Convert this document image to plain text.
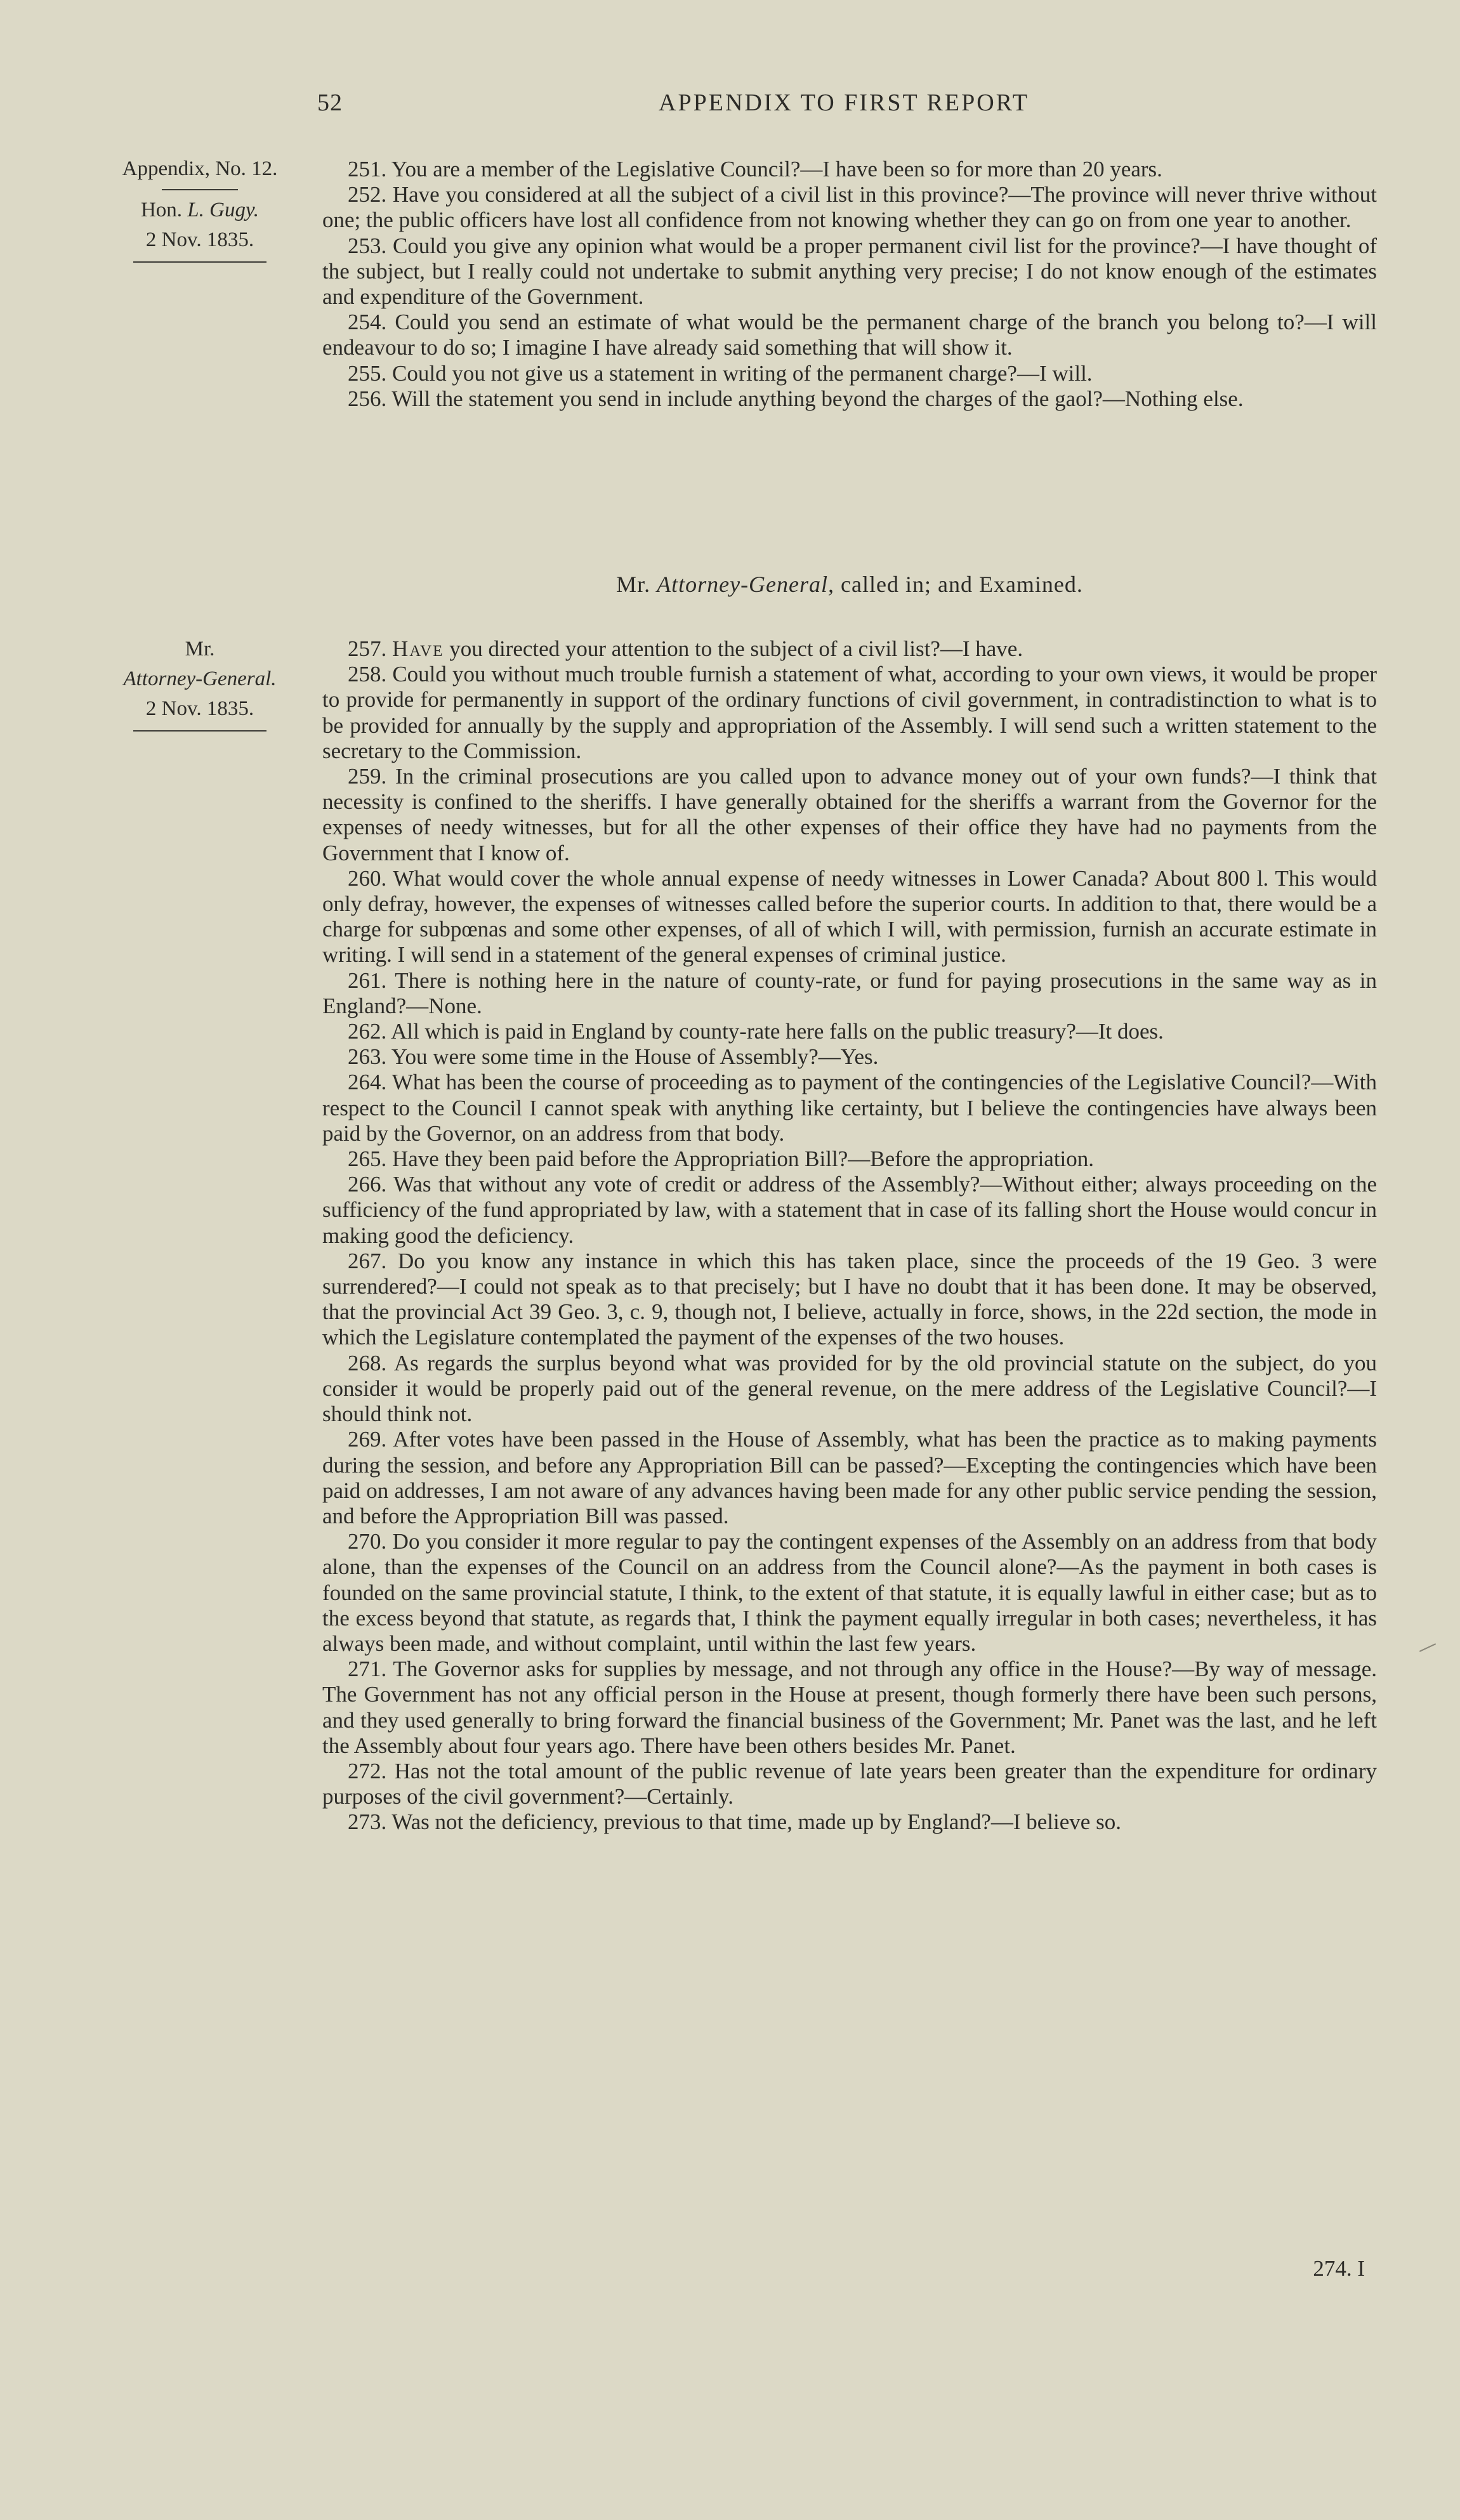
52	APPENDIX TO FIRST REPORT
Appendix, No. 12.
Hon. L. Gugy.
2 Nov. 1835.

251. You are a member of the Legislative Council?—I have been so for more than 20 years.

252. Have you considered at all the subject of a civil list in this province?—The province will never thrive without one; the public officers have lost all confidence from not knowing whether they can go on from one year to another.

253. Could you give any opinion what would be a proper permanent civil list for the province?—I have thought of the subject, but I really could not undertake to submit anything very precise; I do not know enough of the estimates and expenditure of the Government.

254. Could you send an estimate of what would be the permanent charge of the branch you belong to?—I will endeavour to do so; I imagine I have already said something that will show it.

255. Could you not give us a statement in writing of the permanent charge?—I will.

256. Will the statement you send in include anything beyond the charges of the gaol?—Nothing else.

Mr. Attorney-General, called in; and Examined.
Mr.
Attorney-General.
2 Nov. 1835.

257. Have you directed your attention to the subject of a civil list?—I have.

258. Could you without much trouble furnish a statement of what, according to your own views, it would be proper to provide for permanently in support of the ordinary functions of civil government, in contradistinction to what is to be provided for annually by the supply and appropriation of the Assembly. I will send such a written statement to the secretary to the Commission.

259. In the criminal prosecutions are you called upon to advance money out of your own funds?—I think that necessity is confined to the sheriffs. I have generally obtained for the sheriffs a warrant from the Governor for the expenses of needy witnesses, but for all the other expenses of their office they have had no payments from the Government that I know of.

260. What would cover the whole annual expense of needy witnesses in Lower Canada? About 800 l. This would only defray, however, the expenses of witnesses called before the superior courts. In addition to that, there would be a charge for subpœnas and some other expenses, of all of which I will, with permission, furnish an accurate estimate in writing. I will send in a statement of the general expenses of criminal justice.

261. There is nothing here in the nature of county-rate, or fund for paying prosecutions in the same way as in England?—None.

262. All which is paid in England by county-rate here falls on the public treasury?—It does.

263. You were some time in the House of Assembly?—Yes.

264. What has been the course of proceeding as to payment of the contingencies of the Legislative Council?—With respect to the Council I cannot speak with anything like certainty, but I believe the contingencies have always been paid by the Governor, on an address from that body.

265. Have they been paid before the Appropriation Bill?—Before the appropriation.

266. Was that without any vote of credit or address of the Assembly?—Without either; always proceeding on the sufficiency of the fund appropriated by law, with a statement that in case of its falling short the House would concur in making good the deficiency.

267. Do you know any instance in which this has taken place, since the proceeds of the 19 Geo. 3 were surrendered?—I could not speak as to that precisely; but I have no doubt that it has been done. It may be observed, that the provincial Act 39 Geo. 3, c. 9, though not, I believe, actually in force, shows, in the 22d section, the mode in which the Legislature contemplated the payment of the expenses of the two houses.

268. As regards the surplus beyond what was provided for by the old provincial statute on the subject, do you consider it would be properly paid out of the general revenue, on the mere address of the Legislative Council?—I should think not.

269. After votes have been passed in the House of Assembly, what has been the practice as to making payments during the session, and before any Appropriation Bill can be passed?—Excepting the contingencies which have been paid on addresses, I am not aware of any advances having been made for any other public service pending the session, and before the Appropriation Bill was passed.

270. Do you consider it more regular to pay the contingent expenses of the Assembly on an address from that body alone, than the expenses of the Council on an address from the Council alone?—As the payment in both cases is founded on the same provincial statute, I think, to the extent of that statute, it is equally lawful in either case; but as to the excess beyond that statute, as regards that, I think the payment equally irregular in both cases; nevertheless, it has always been made, and without complaint, until within the last few years.

271. The Governor asks for supplies by message, and not through any office in the House?—By way of message. The Government has not any official person in the House at present, though formerly there have been such persons, and they used generally to bring forward the financial business of the Government; Mr. Panet was the last, and he left the Assembly about four years ago. There have been others besides Mr. Panet.

272. Has not the total amount of the public revenue of late years been greater than the expenditure for ordinary purposes of the civil government?—Certainly.

273. Was not the deficiency, previous to that time, made up by England?—I believe so.

274. I
